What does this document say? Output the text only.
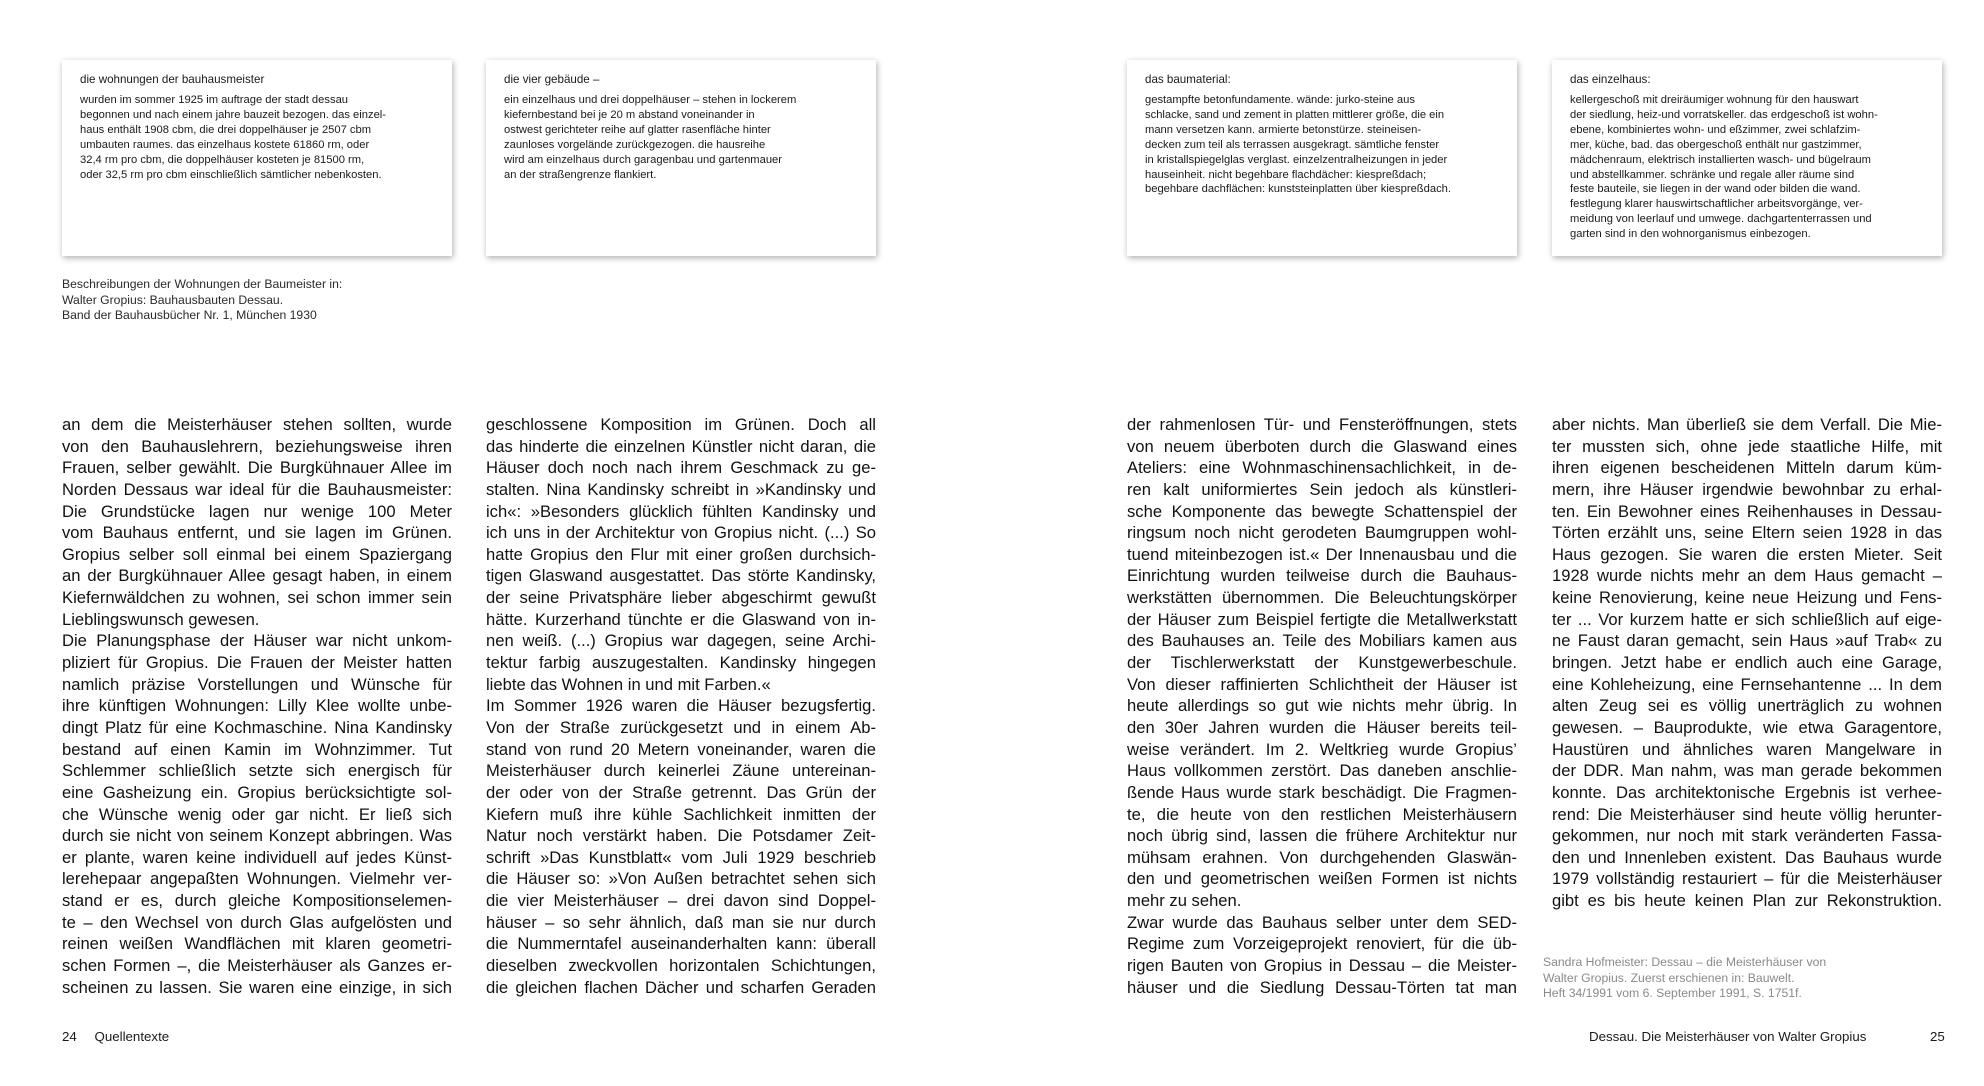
die wohnungen der bauhausmeister
wurden im sommer 1925 im auftrage der stadt dessau
begonnen und nach einem jahre bauzeit bezogen. das einzel-
haus enthält 1908 cbm, die drei doppelhäuser je 2507 cbm
umbauten raumes. das einzelhaus kostete 61860 rm, oder
32,4 rm pro cbm, die doppelhäuser kosteten je 81500 rm,
oder 32,5 rm pro cbm einschließlich sämtlicher nebenkosten.
die vier gebäude –
ein einzelhaus und drei doppelhäuser – stehen in lockerem
kiefernbestand bei je 20 m abstand voneinander in
ostwest gerichteter reihe auf glatter rasenfläche hinter
zaunloses vorgelände zurückgezogen. die hausreihe
wird am einzelhaus durch garagenbau und gartenmauer
an der straßengrenze flankiert.
das baumaterial:
gestampfte betonfundamente. wände: jurko-steine aus
schlacke, sand und zement in platten mittlerer größe, die ein
mann versetzen kann. armierte betonstürze. steineisen-
decken zum teil als terrassen ausgekragt. sämtliche fenster
in kristallspiegelglas verglast. einzelzentralheizungen in jeder
hauseinheit. nicht begehbare flachdächer: kiespreßdach;
begehbare dachflächen: kunststeinplatten über kiespreßdach.
das einzelhaus:
kellergeschoß mit dreiräumiger wohnung für den hauswart
der siedlung, heiz-und vorratskeller. das erdgeschoß ist wohn-
ebene, kombiniertes wohn- und eßzimmer, zwei schlafzim-
mer, küche, bad. das obergeschoß enthält nur gastzimmer,
mädchenraum, elektrisch installierten wasch- und bügelraum
und abstellkammer. schränke und regale aller räume sind
feste bauteile, sie liegen in der wand oder bilden die wand.
festlegung klarer hauswirtschaftlicher arbeitsvorgänge, ver-
meidung von leerlauf und umwege. dachgartenterrassen und
garten sind in den wohnorganismus einbezogen.
Beschreibungen der Wohnungen der Baumeister in:
Walter Gropius: Bauhausbauten Dessau.
Band der Bauhausbücher Nr. 1, München 1930
an dem die Meisterhäuser stehen sollten, wurde
von den Bauhauslehrern, beziehungsweise ihren
Frauen, selber gewählt. Die Burgkühnauer Allee im
Norden Dessaus war ideal für die Bauhausmeister:
Die Grundstücke lagen nur wenige 100 Meter
vom Bauhaus entfernt, und sie lagen im Grünen.
Gropius selber soll einmal bei einem Spaziergang
an der Burgkühnauer Allee gesagt haben, in einem
Kiefernwäldchen zu wohnen, sei schon immer sein
Lieblingswunsch gewesen.
Die Planungsphase der Häuser war nicht unkom-
pliziert für Gropius. Die Frauen der Meister hatten
namlich präzise Vorstellungen und Wünsche für
ihre künftigen Wohnungen: Lilly Klee wollte unbe-
dingt Platz für eine Kochmaschine. Nina Kandinsky
bestand auf einen Kamin im Wohnzimmer. Tut
Schlemmer schließlich setzte sich energisch für
eine Gasheizung ein. Gropius berücksichtigte sol-
che Wünsche wenig oder gar nicht. Er ließ sich
durch sie nicht von seinem Konzept abbringen. Was
er plante, waren keine individuell auf jedes Künst-
lerehepaar angepaßten Wohnungen. Vielmehr ver-
stand er es, durch gleiche Kompositionselemen-
te – den Wechsel von durch Glas aufgelösten und
reinen weißen Wandflächen mit klaren geometri-
schen Formen –, die Meisterhäuser als Ganzes er-
scheinen zu lassen. Sie waren eine einzige, in sich
geschlossene Komposition im Grünen. Doch all
das hinderte die einzelnen Künstler nicht daran, die
Häuser doch noch nach ihrem Geschmack zu ge-
stalten. Nina Kandinsky schreibt in »Kandinsky und
ich«: »Besonders glücklich fühlten Kandinsky und
ich uns in der Architektur von Gropius nicht. (...) So
hatte Gropius den Flur mit einer großen durchsich-
tigen Glaswand ausgestattet. Das störte Kandinsky,
der seine Privatsphäre lieber abgeschirmt gewußt
hätte. Kurzerhand tünchte er die Glaswand von in-
nen weiß. (...) Gropius war dagegen, seine Archi-
tektur farbig auszugestalten. Kandinsky hingegen
liebte das Wohnen in und mit Farben.«
Im Sommer 1926 waren die Häuser bezugsfertig.
Von der Straße zurückgesetzt und in einem Ab-
stand von rund 20 Metern voneinander, waren die
Meisterhäuser durch keinerlei Zäune untereinan-
der oder von der Straße getrennt. Das Grün der
Kiefern muß ihre kühle Sachlichkeit inmitten der
Natur noch verstärkt haben. Die Potsdamer Zeit-
schrift »Das Kunstblatt« vom Juli 1929 beschrieb
die Häuser so: »Von Außen betrachtet sehen sich
die vier Meisterhäuser – drei davon sind Doppel-
häuser – so sehr ähnlich, daß man sie nur durch
die Nummerntafel auseinanderhalten kann: überall
dieselben zweckvollen horizontalen Schichtungen,
die gleichen flachen Dächer und scharfen Geraden
der rahmenlosen Tür- und Fensteröffnungen, stets
von neuem überboten durch die Glaswand eines
Ateliers: eine Wohnmaschinensachlichkeit, in de-
ren kalt uniformiertes Sein jedoch als künstleri-
sche Komponente das bewegte Schattenspiel der
ringsum noch nicht gerodeten Baumgruppen wohl-
tuend miteinbezogen ist.« Der Innenausbau und die
Einrichtung wurden teilweise durch die Bauhaus-
werkstätten übernommen. Die Beleuchtungskörper
der Häuser zum Beispiel fertigte die Metallwerkstatt
des Bauhauses an. Teile des Mobiliars kamen aus
der Tischlerwerkstatt der Kunstgewerbeschule.
Von dieser raffinierten Schlichtheit der Häuser ist
heute allerdings so gut wie nichts mehr übrig. In
den 30er Jahren wurden die Häuser bereits teil-
weise verändert. Im 2. Weltkrieg wurde Gropius’
Haus vollkommen zerstört. Das daneben anschlie-
ßende Haus wurde stark beschädigt. Die Fragmen-
te, die heute von den restlichen Meisterhäusern
noch übrig sind, lassen die frühere Architektur nur
mühsam erahnen. Von durchgehenden Glaswän-
den und geometrischen weißen Formen ist nichts
mehr zu sehen.
Zwar wurde das Bauhaus selber unter dem SED-
Regime zum Vorzeigeprojekt renoviert, für die üb-
rigen Bauten von Gropius in Dessau – die Meister-
häuser und die Siedlung Dessau-Törten tat man
aber nichts. Man überließ sie dem Verfall. Die Mie-
ter mussten sich, ohne jede staatliche Hilfe, mit
ihren eigenen bescheidenen Mitteln darum küm-
mern, ihre Häuser irgendwie bewohnbar zu erhal-
ten. Ein Bewohner eines Reihenhauses in Dessau-
Törten erzählt uns, seine Eltern seien 1928 in das
Haus gezogen. Sie waren die ersten Mieter. Seit
1928 wurde nichts mehr an dem Haus gemacht –
keine Renovierung, keine neue Heizung und Fens-
ter ... Vor kurzem hatte er sich schließlich auf eige-
ne Faust daran gemacht, sein Haus »auf Trab« zu
bringen. Jetzt habe er endlich auch eine Garage,
eine Kohleheizung, eine Fernsehantenne ... In dem
alten Zeug sei es völlig unerträglich zu wohnen
gewesen. – Bauprodukte, wie etwa Garagentore,
Haustüren und ähnliches waren Mangelware in
der DDR. Man nahm, was man gerade bekommen
konnte. Das architektonische Ergebnis ist verhee-
rend: Die Meisterhäuser sind heute völlig herunter-
gekommen, nur noch mit stark veränderten Fassa-
den und Innenleben existent. Das Bauhaus wurde
1979 vollständig restauriert – für die Meisterhäuser
gibt es bis heute keinen Plan zur Rekonstruktion.
Sandra Hofmeister: Dessau – die Meisterhäuser von
Walter Gropius. Zuerst erschienen in: Bauwelt.
Heft 34/1991 vom 6. September 1991, S. 1751f.
24 Quellentexte	Dessau. Die Meisterhäuser von Walter Gropius	25
